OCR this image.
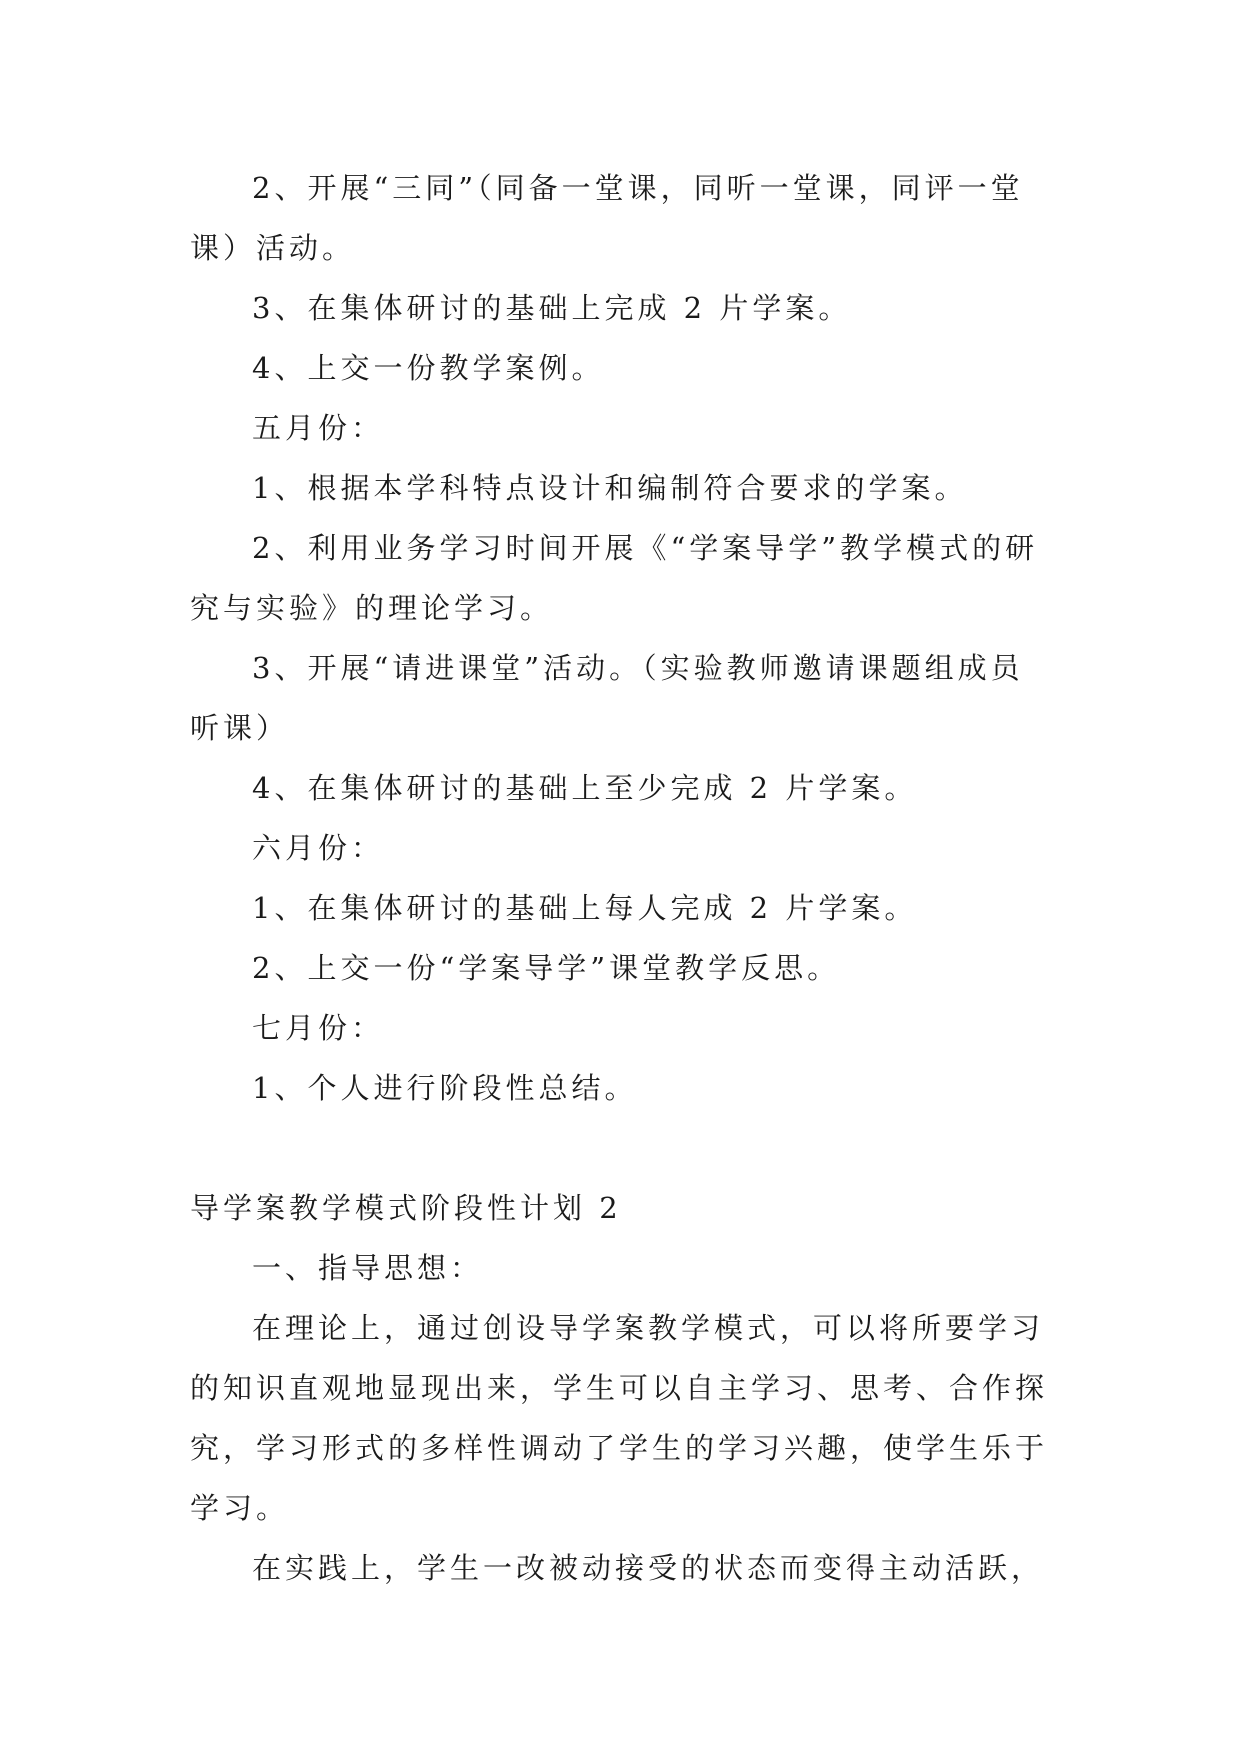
2、开展“三同”（同备一堂课，同听一堂课，同评一堂

课）活动。

3、在集体研讨的基础上完成 2 片学案。

4、上交一份教学案例。

五月份：

1、根据本学科特点设计和编制符合要求的学案。

2、利用业务学习时间开展《“学案导学”教学模式的研

究与实验》的理论学习。

3、开展“请进课堂”活动。（实验教师邀请课题组成员

听课）

4、在集体研讨的基础上至少完成 2 片学案。

六月份：

1、在集体研讨的基础上每人完成 2 片学案。

2、上交一份“学案导学”课堂教学反思。

七月份：

1、个人进行阶段性总结。

导学案教学模式阶段性计划 2

一、指导思想：

在理论上，通过创设导学案教学模式，可以将所要学习

的知识直观地显现出来，学生可以自主学习、思考、合作探

究，学习形式的多样性调动了学生的学习兴趣，使学生乐于

学习。

在实践上，学生一改被动接受的状态而变得主动活跃，
